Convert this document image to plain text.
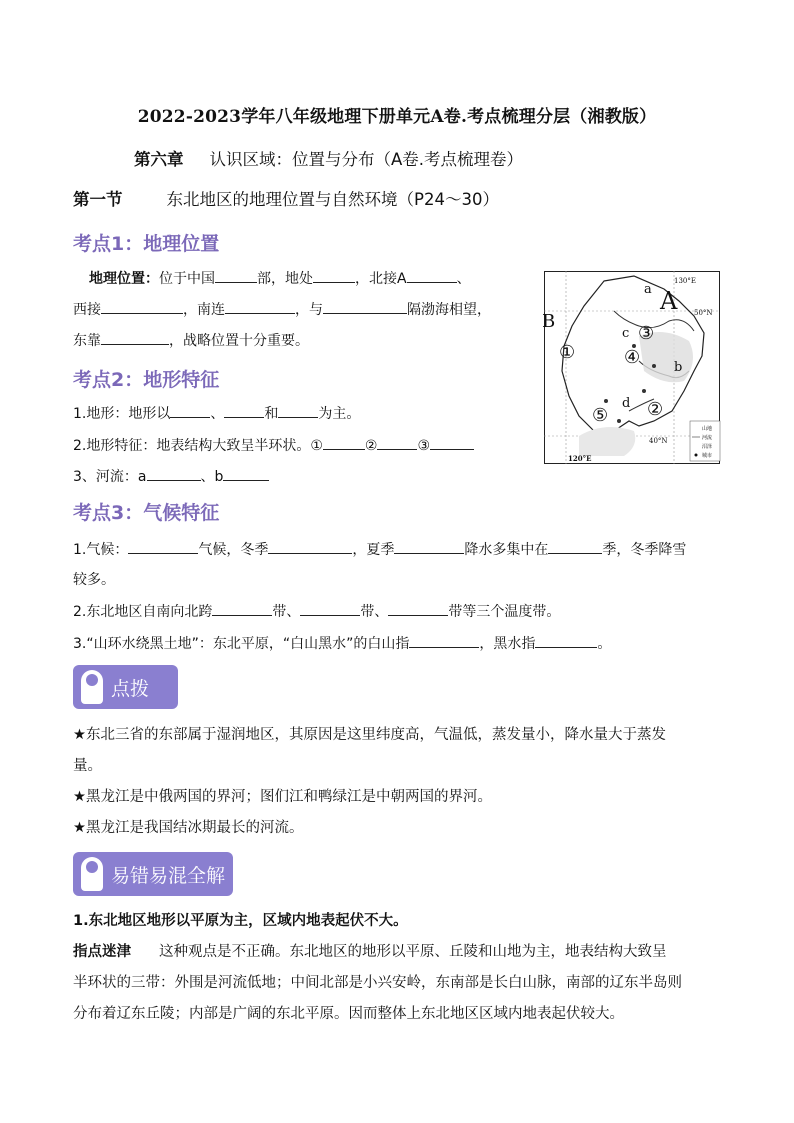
2022-2023学年八年级地理下册单元A卷.考点梳理分层（湘教版）
第六章 认识区域：位置与分布（A卷.考点梳理卷）
第一节	东北地区的地理位置与自然环境（P24～30）
考点1：地理位置
地理位置：位于中国	部，地处	，北接A	、
西接	，南连	，与	隔渤海相望，
东靠	，战略位置十分重要。
考点2：地形特征
1.地形：地形以	、	和	为主。
2.地形特征：地表结构大致呈半环状。①	②	③
3、河流：a	、b
130°E
50°N
40°N
120°E
A
B
a
b
c
d
①
②
③
④
⑤
山地
河流
沼泽
城市
考点3：气候特征
1.气候：	气候，冬季	，夏季	降水多集中在	季，冬季降雪
较多。
2.东北地区自南向北跨	带、	带、	带等三个温度带。
3.“山环水绕黑土地”：东北平原，“白山黑水”的白山指	，黑水指	。
点拨
★东北三省的东部属于湿润地区，其原因是这里纬度高，气温低，蒸发量小，降水量大于蒸发
量。
★黑龙江是中俄两国的界河；图们江和鸭绿江是中朝两国的界河。
★黑龙江是我国结冰期最长的河流。
易错易混全解
1.东北地区地形以平原为主，区域内地表起伏不大。
指点迷津 这种观点是不正确。东北地区的地形以平原、丘陵和山地为主，地表结构大致呈
半环状的三带：外围是河流低地；中间北部是小兴安岭，东南部是长白山脉，南部的辽东半岛则
分布着辽东丘陵；内部是广阔的东北平原。因而整体上东北地区区域内地表起伏较大。
